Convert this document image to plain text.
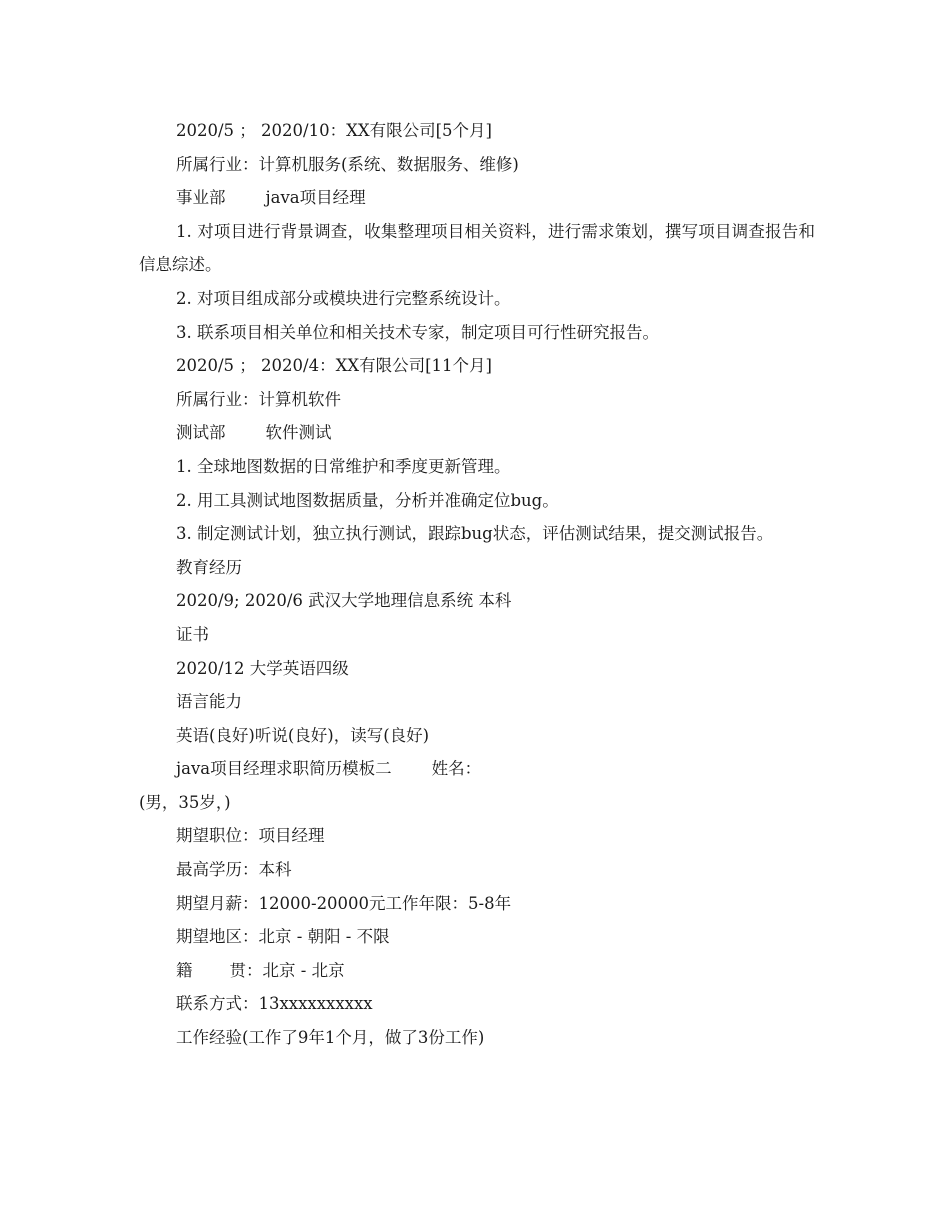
2020/5 ； 2020/10：XX有限公司[5个月]
所属行业：计算机服务(系统、数据服务、维修)
事业部 java项目经理
1. 对项目进行背景调查，收集整理项目相关资料，进行需求策划，撰写项目调查报告和信息综述。
2. 对项目组成部分或模块进行完整系统设计。
3. 联系项目相关单位和相关技术专家，制定项目可行性研究报告。
2020/5 ； 2020/4：XX有限公司[11个月]
所属行业：计算机软件
测试部 软件测试
1. 全球地图数据的日常维护和季度更新管理。
2. 用工具测试地图数据质量，分析并准确定位bug。
3. 制定测试计划，独立执行测试，跟踪bug状态，评估测试结果，提交测试报告。
教育经历
2020/9; 2020/6 武汉大学地理信息系统 本科
证书
2020/12 大学英语四级
语言能力
英语(良好)听说(良好)，读写(良好)
java项目经理求职简历模板二 姓名：
(男，35岁，)
期望职位：项目经理
最高学历：本科
期望月薪：12000-20000元工作年限：5-8年
期望地区：北京 - 朝阳 - 不限
籍 贯：北京 - 北京
联系方式：13xxxxxxxxxx
工作经验(工作了9年1个月，做了3份工作)
